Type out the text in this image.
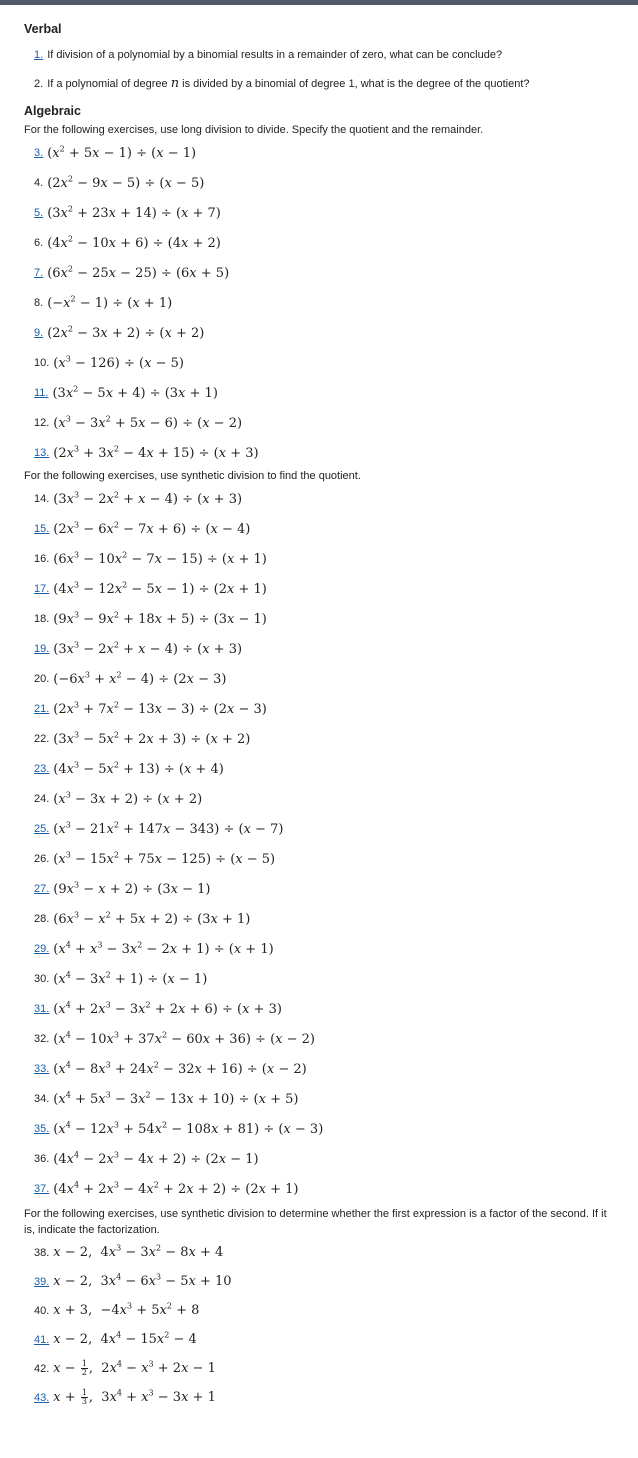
Verbal
1. If division of a polynomial by a binomial results in a remainder of zero, what can be conclude?
2. If a polynomial of degree n is divided by a binomial of degree 1, what is the degree of the quotient?
Algebraic

For the following exercises, use long division to divide. Specify the quotient and the remainder.

3. $(x^2 + 5x - 1) \div (x - 1)$
4. $(2x^2 - 9x - 5) \div (x - 5)$
5. $(3x^2 + 23x + 14) \div (x + 7)$
6. $(4x^2 - 10x + 6) \div (4x + 2)$
7. $(6x^2 - 25x - 25) \div (6x + 5)$
8. $(-x^2 - 1) \div (x + 1)$
9. $(2x^2 - 3x + 2) \div (x + 2)$
10. $(x^3 - 126) \div (x - 5)$
11. $(3x^2 - 5x + 4) \div (3x + 1)$
12. $(x^3 - 3x^2 + 5x - 6) \div (x - 2)$
13. $(2x^3 + 3x^2 - 4x + 15) \div (x + 3)$

For the following exercises, use synthetic division to find the quotient.

14. $(3x^3 - 2x^2 + x - 4) \div (x + 3)$
15. $(2x^3 - 6x^2 - 7x + 6) \div (x - 4)$
16. $(6x^3 - 10x^2 - 7x - 15) \div (x + 1)$
17. $(4x^3 - 12x^2 - 5x - 1) \div (2x + 1)$
18. $(9x^3 - 9x^2 + 18x + 5) \div (3x - 1)$
19. $(3x^3 - 2x^2 + x - 4) \div (x + 3)$
20. $(-6x^3 + x^2 - 4) \div (2x - 3)$
21. $(2x^3 + 7x^2 - 13x - 3) \div (2x - 3)$
22. $(3x^3 - 5x^2 + 2x + 3) \div (x + 2)$
23. $(4x^3 - 5x^2 + 13) \div (x + 4)$
24. $(x^3 - 3x + 2) \div (x + 2)$
25. $(x^3 - 21x^2 + 147x - 343) \div (x - 7)$
26. $(x^3 - 15x^2 + 75x - 125) \div (x - 5)$
27. $(9x^3 - x + 2) \div (3x - 1)$
28. $(6x^3 - x^2 + 5x + 2) \div (3x + 1)$
29. $(x^4 + x^3 - 3x^2 - 2x + 1) \div (x + 1)$
30. $(x^4 - 3x^2 + 1) \div (x - 1)$
31. $(x^4 + 2x^3 - 3x^2 + 2x + 6) \div (x + 3)$
32. $(x^4 - 10x^3 + 37x^2 - 60x + 36) \div (x - 2)$
33. $(x^4 - 8x^3 + 24x^2 - 32x + 16) \div (x - 2)$
34. $(x^4 + 5x^3 - 3x^2 - 13x + 10) \div (x + 5)$
35. $(x^4 - 12x^3 + 54x^2 - 108x + 81) \div (x - 3)$
36. $(4x^4 - 2x^3 - 4x + 2) \div (2x - 1)$
37. $(4x^4 + 2x^3 - 4x^2 + 2x + 2) \div (2x + 1)$

For the following exercises, use synthetic division to determine whether the first expression is a factor of the second. If it is, indicate the factorization.

38. x − 2,  $4x^3 - 3x^2 - 8x + 4$
39. x − 2,  $3x^4 - 6x^3 - 5x + 10$
40. x + 3,  $-4x^3 + 5x^2 + 8$
41. x − 2,  $4x^4 - 15x^2 - 4$
42. $x - \frac{1}{2}$ ,  $2x^4 - x^3 + 2x - 1$
43. $x + \frac{1}{3}$ ,  $3x^4 + x^3 - 3x + 1$
